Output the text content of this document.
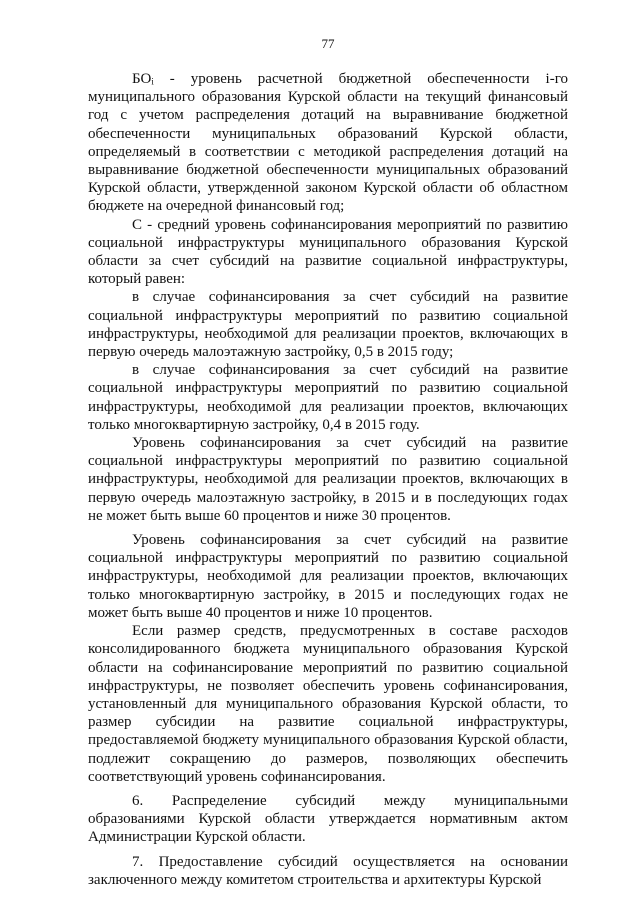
77

БОᵢ - уровень расчетной бюджетной обеспеченности i-го муниципального образования Курской области на текущий финансовый год с учетом распределения дотаций на выравнивание бюджетной обеспеченности муниципальных образований Курской области, определяемый в соответствии с методикой распределения дотаций на выравнивание бюджетной обеспеченности муниципальных образований Курской области, утвержденной законом Курской области об областном бюджете на очередной финансовый год;

С - средний уровень софинансирования мероприятий по развитию социальной инфраструктуры муниципального образования Курской области за счет субсидий на развитие социальной инфраструктуры, который равен:

в случае софинансирования за счет субсидий на развитие социальной инфраструктуры мероприятий по развитию социальной инфраструктуры, необходимой для реализации проектов, включающих в первую очередь малоэтажную застройку, 0,5 в 2015 году;

в случае софинансирования за счет субсидий на развитие социальной инфраструктуры мероприятий по развитию социальной инфраструктуры, необходимой для реализации проектов, включающих только многоквартирную застройку, 0,4 в 2015 году.

Уровень софинансирования за счет субсидий на развитие социальной инфраструктуры мероприятий по развитию социальной инфраструктуры, необходимой для реализации проектов, включающих в первую очередь малоэтажную застройку, в 2015 и в последующих годах не может быть выше 60 процентов и ниже 30 процентов.

Уровень софинансирования за счет субсидий на развитие социальной инфраструктуры мероприятий по развитию социальной инфраструктуры, необходимой для реализации проектов, включающих только многоквартирную застройку, в 2015 и последующих годах не может быть выше 40 процентов и ниже 10 процентов.

Если размер средств, предусмотренных в составе расходов консолидированного бюджета муниципального образования Курской области на софинансирование мероприятий по развитию социальной инфраструктуры, не позволяет обеспечить уровень софинансирования, установленный для муниципального образования Курской области, то размер субсидии на развитие социальной инфраструктуры, предоставляемой бюджету муниципального образования Курской области, подлежит сокращению до размеров, позволяющих обеспечить соответствующий уровень софинансирования.

6. Распределение субсидий между муниципальными образованиями Курской области утверждается нормативным актом Администрации Курской области.

7. Предоставление субсидий осуществляется на основании заключенного между комитетом строительства и архитектуры Курской
